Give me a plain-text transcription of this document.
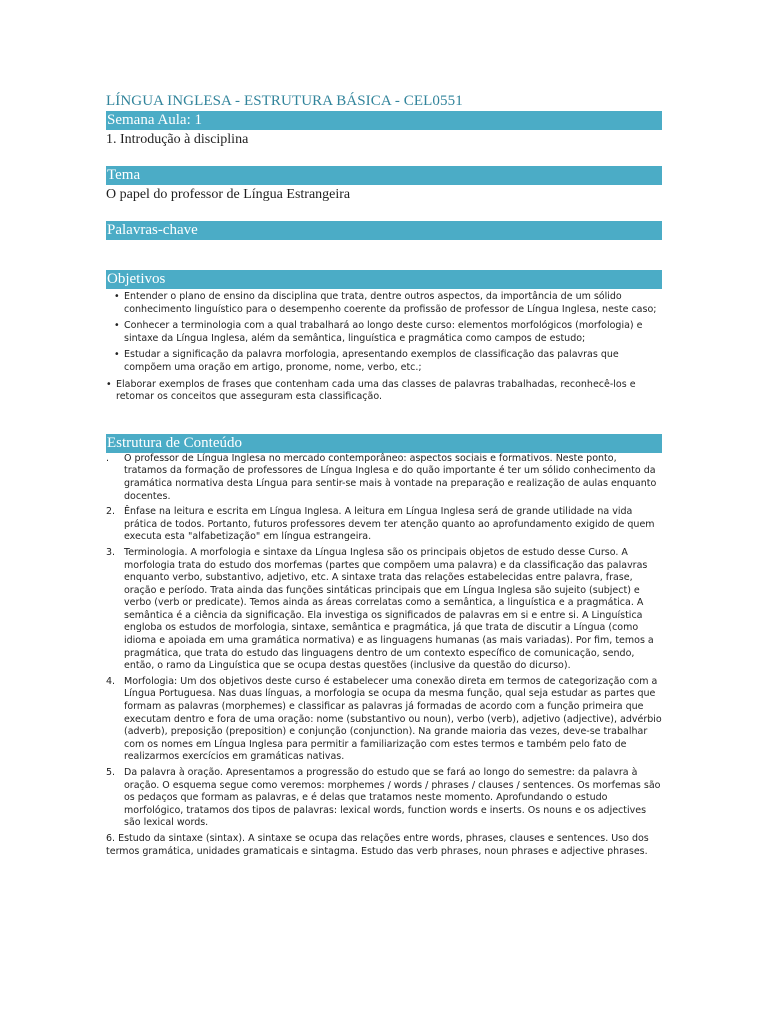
LÍNGUA INGLESA - ESTRUTURA BÁSICA - CEL0551
Semana Aula: 1
1. Introdução à disciplina
Tema
O papel do professor de Língua Estrangeira
Palavras-chave
Objetivos
• Entender o plano de ensino da disciplina que trata, dentre outros aspectos, da importância de um sólido conhecimento linguístico para o desempenho coerente da profissão de professor de Língua Inglesa, neste caso;
• Conhecer a terminologia com a qual trabalhará ao longo deste curso: elementos morfológicos (morfologia) e sintaxe da Língua Inglesa, além da semântica, linguística e pragmática como campos de estudo;
• Estudar a significação da palavra morfologia, apresentando exemplos de classificação das palavras que compõem uma oração em artigo, pronome, nome, verbo, etc.;
• Elaborar exemplos de frases que contenham cada uma das classes de palavras trabalhadas, reconhecê-los e retomar os conceitos que asseguram esta classificação.
Estrutura de Conteúdo
. O professor de Língua Inglesa no mercado contemporâneo: aspectos sociais e formativos. Neste ponto, tratamos da formação de professores de Língua Inglesa e do quão importante é ter um sólido conhecimento da gramática normativa desta Língua para sentir-se mais à vontade na preparação e realização de aulas enquanto docentes.
2. Ênfase na leitura e escrita em Língua Inglesa. A leitura em Língua Inglesa será de grande utilidade na vida prática de todos. Portanto, futuros professores devem ter atenção quanto ao aprofundamento exigido de quem executa esta "alfabetização" em língua estrangeira.
3. Terminologia. A morfologia e sintaxe da Língua Inglesa são os principais objetos de estudo desse Curso. A morfologia trata do estudo dos morfemas (partes que compõem uma palavra) e da classificação das palavras enquanto verbo, substantivo, adjetivo, etc. A sintaxe trata das relações estabelecidas entre palavra, frase, oração e período. Trata ainda das funções sintáticas principais que em Língua Inglesa são sujeito (subject) e verbo (verb or predicate). Temos ainda as áreas correlatas como a semântica, a linguística e a pragmática. A semântica é a ciência da significação. Ela investiga os significados de palavras em si e entre si. A Linguística engloba os estudos de morfologia, sintaxe, semântica e pragmática, já que trata de discutir a Língua (como idioma e apoiada em uma gramática normativa) e as linguagens humanas (as mais variadas). Por fim, temos a pragmática, que trata do estudo das linguagens dentro de um contexto específico de comunicação, sendo, então, o ramo da Linguística que se ocupa destas questões (inclusive da questão do dicurso).
4. Morfologia: Um dos objetivos deste curso é estabelecer uma conexão direta em termos de categorização com a Língua Portuguesa. Nas duas línguas, a morfologia se ocupa da mesma função, qual seja estudar as partes que formam as palavras (morphemes) e classificar as palavras já formadas de acordo com a função primeira que executam dentro e fora de uma oração: nome (substantivo ou noun), verbo (verb), adjetivo (adjective), advérbio (adverb), preposição (preposition) e conjunção (conjunction). Na grande maioria das vezes, deve-se trabalhar com os nomes em Língua Inglesa para permitir a familiarização com estes termos e também pelo fato de realizarmos exercícios em gramáticas nativas.
5. Da palavra à oração. Apresentamos a progressão do estudo que se fará ao longo do semestre: da palavra à oração. O esquema segue como veremos: morphemes / words / phrases / clauses / sentences. Os morfemas são os pedaços que formam as palavras, e é delas que tratamos neste momento. Aprofundando o estudo morfológico, tratamos dos tipos de palavras: lexical words, function words e inserts. Os nouns e os adjectives são lexical words.

6. Estudo da sintaxe (sintax). A sintaxe se ocupa das relações entre words, phrases, clauses e sentences. Uso dos termos gramática, unidades gramaticais e sintagma. Estudo das verb phrases, noun phrases e adjective phrases.
